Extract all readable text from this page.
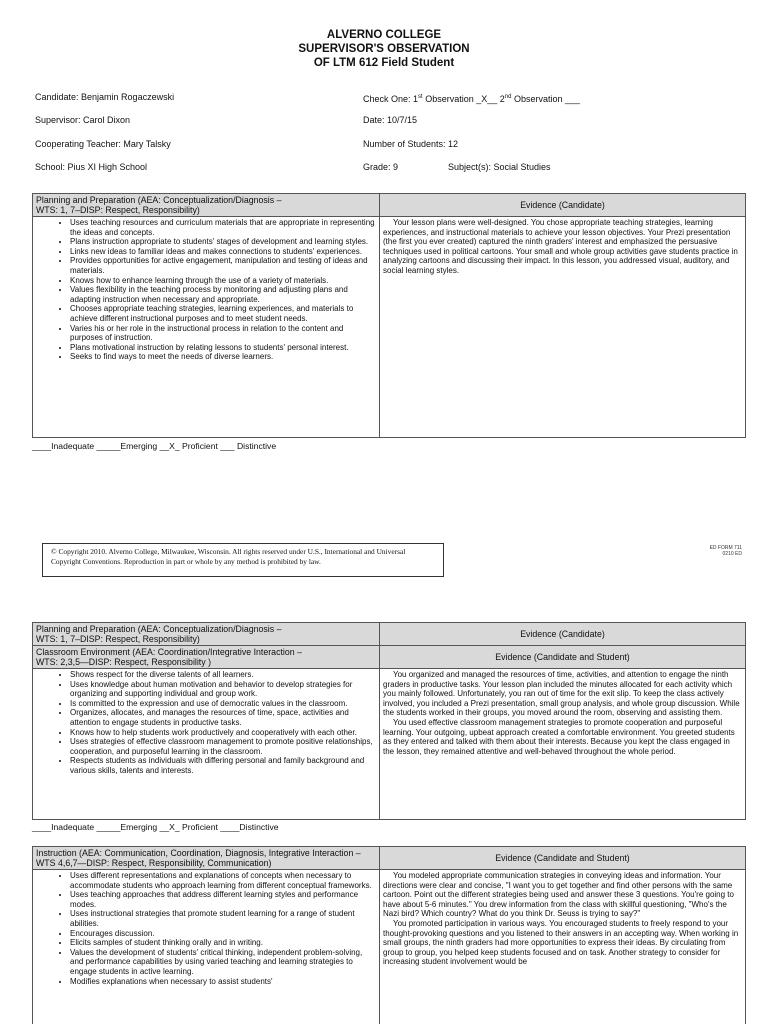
ALVERNO COLLEGE
SUPERVISOR'S OBSERVATION
OF LTM 612 Field Student
Candidate: Benjamin Rogaczewski
Supervisor: Carol Dixon
Cooperating Teacher: Mary Talsky
School: Pius XI High School
Check One: 1st Observation _X__ 2nd Observation ___
Date: 10/7/15
Number of Students: 12
Grade: 9	Subject(s): Social Studies
Planning and Preparation (AEA: Conceptualization/Diagnosis –
WTS: 1, 7–DISP: Respect, Responsibility)	Evidence (Candidate)
• Uses teaching resources and curriculum materials that are appropriate in representing the ideas and concepts.
• Plans instruction appropriate to students' stages of development and learning styles.
• Links new ideas to familiar ideas and makes connections to students' experiences.
• Provides opportunities for active engagement, manipulation and testing of ideas and materials.
• Knows how to enhance learning through the use of a variety of materials.
• Values flexibility in the teaching process by monitoring and adjusting plans and adapting instruction when necessary and appropriate.
• Chooses appropriate teaching strategies, learning experiences, and materials to achieve different instructional purposes and to meet student needs.
• Varies his or her role in the instructional process in relation to the content and purposes of instruction.
• Plans motivational instruction by relating lessons to students' personal interest.
• Seeks to find ways to meet the needs of diverse learners.
Your lesson plans were well-designed. You chose appropriate teaching strategies, learning experiences, and instructional materials to achieve your lesson objectives. Your Prezi presentation (the first you ever created) captured the ninth graders' interest and emphasized the persuasive techniques used in political cartoons. Your small and whole group activities gave students practice in analyzing cartoons and discussing their impact. In this lesson, you addressed visual, auditory, and social learning styles.
____Inadequate _____Emerging __X_ Proficient ___ Distinctive
© Copyright 2010. Alverno College, Milwaukee, Wisconsin. All rights reserved under U.S., International and Universal Copyright Conventions. Reproduction in part or whole by any method is prohibited by law.
ED FORM 711
0210 ED
Planning and Preparation (AEA: Conceptualization/Diagnosis –
WTS: 1, 7–DISP: Respect, Responsibility)	Evidence (Candidate)
Classroom Environment (AEA: Coordination/Integrative Interaction –
WTS: 2,3,5—DISP: Respect, Responsibility )	Evidence (Candidate and Student)
• Shows respect for the diverse talents of all learners.
• Uses knowledge about human motivation and behavior to develop strategies for organizing and supporting individual and group work.
• Is committed to the expression and use of democratic values in the classroom.
• Organizes, allocates, and manages the resources of time, space, activities and attention to engage students in productive tasks.
• Knows how to help students work productively and cooperatively with each other.
• Uses strategies of effective classroom management to promote positive relationships, cooperation, and purposeful learning in the classroom.
• Respects students as individuals with differing personal and family background and various skills, talents and interests.
You organized and managed the resources of time, activities, and attention to engage the ninth graders in productive tasks. Your lesson plan included the minutes allocated for each activity which you mainly followed. Unfortunately, you ran out of time for the exit slip. To keep the class actively involved, you included a Prezi presentation, small group analysis, and whole group discussion. While the students worked in their groups, you moved around the room, observing and assisting them.
You used effective classroom management strategies to promote cooperation and purposeful learning. Your outgoing, upbeat approach created a comfortable environment. You greeted students as they entered and talked with them about their interests. Because you kept the class engaged in the lesson, they remained attentive and well-behaved throughout the whole period.
____Inadequate _____Emerging __X_ Proficient ____Distinctive
Instruction (AEA: Communication, Coordination, Diagnosis, Integrative Interaction – WTS 4,6,7—DISP: Respect, Responsibility, Communication)	Evidence (Candidate and Student)
• Uses different representations and explanations of concepts when necessary to accommodate students who approach learning from different conceptual frameworks.
• Uses teaching approaches that address different learning styles and performance modes.
• Uses instructional strategies that promote student learning for a range of student abilities.
• Encourages discussion.
• Elicits samples of student thinking orally and in writing.
• Values the development of students' critical thinking, independent problem-solving, and performance capabilities by using varied teaching and learning strategies to engage students in active learning.
• Modifies explanations when necessary to assist students'
You modeled appropriate communication strategies in conveying ideas and information. Your directions were clear and concise, "I want you to get together and find other persons with the same cartoon. Point out the different strategies being used and answer these 3 questions. You're going to have about 5-6 minutes." You drew information from the class with skillful questioning, "Who's the Nazi bird? Which country? What do you think Dr. Seuss is trying to say?"
You promoted participation in various ways. You encouraged students to freely respond to your thought-provoking questions and you listened to their answers in an accepting way. When working in small groups, the ninth graders had more opportunities to express their ideas. By circulating from group to group, you helped keep students focused and on task. Another strategy to consider for increasing student involvement would be
